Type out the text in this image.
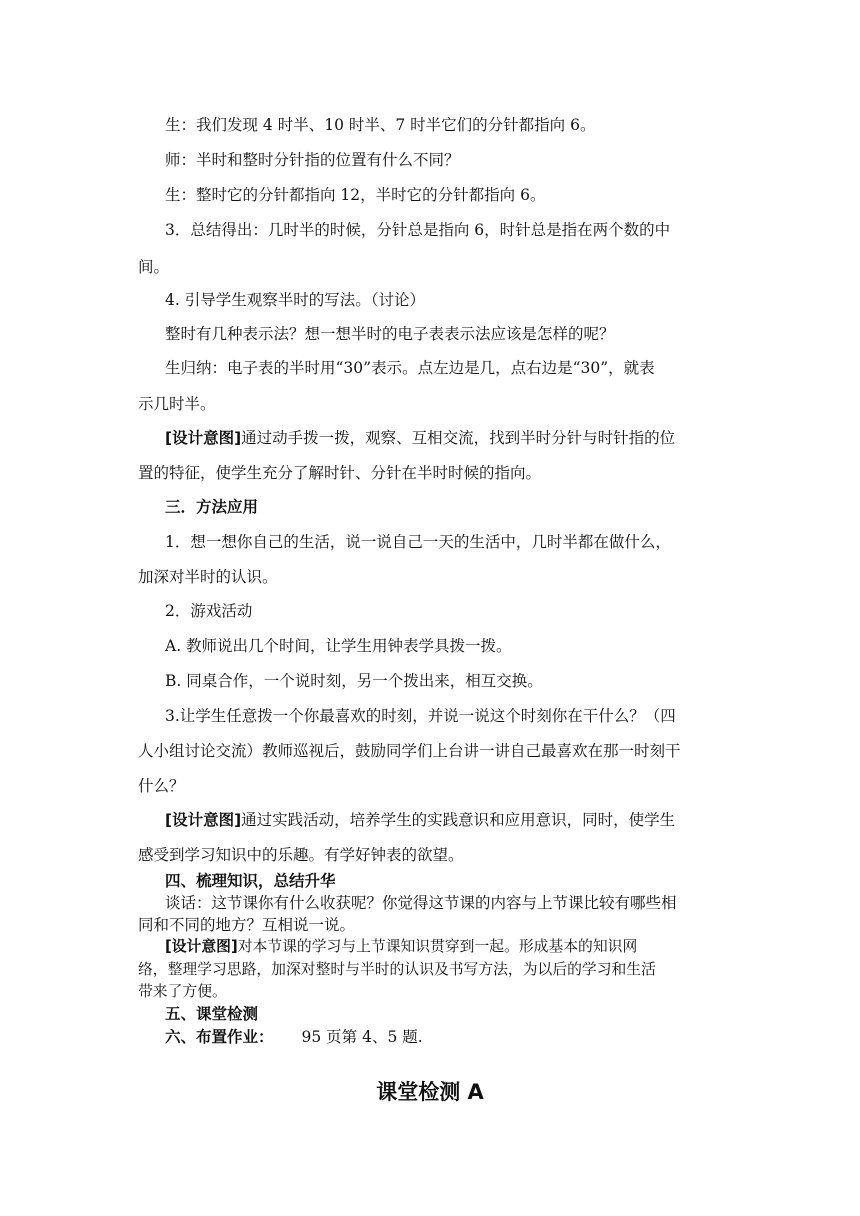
生：我们发现 4 时半、10 时半、7 时半它们的分针都指向 6。
师：半时和整时分针指的位置有什么不同？
生：整时它的分针都指向 12，半时它的分针都指向 6。
3．总结得出：几时半的时候，分针总是指向 6，时针总是指在两个数的中
间。
4. 引导学生观察半时的写法。（讨论）
整时有几种表示法？想一想半时的电子表表示法应该是怎样的呢？
生归纳：电子表的半时用“30”表示。点左边是几，点右边是“30”，就表
示几时半。
[设计意图]通过动手拨一拨，观察、互相交流，找到半时分针与时针指的位
置的特征，使学生充分了解时针、分针在半时时候的指向。
三．方法应用
1．想一想你自己的生活，说一说自己一天的生活中，几时半都在做什么，
加深对半时的认识。
2．游戏活动
A. 教师说出几个时间，让学生用钟表学具拨一拨。
B. 同桌合作，一个说时刻，另一个拨出来，相互交换。
3.让学生任意拨一个你最喜欢的时刻，并说一说这个时刻你在干什么？（四
人小组讨论交流）教师巡视后，鼓励同学们上台讲一讲自己最喜欢在那一时刻干
什么？
[设计意图]通过实践活动，培养学生的实践意识和应用意识，同时，使学生
感受到学习知识中的乐趣。有学好钟表的欲望。
四、梳理知识，总结升华
谈话：这节课你有什么收获呢？你觉得这节课的内容与上节课比较有哪些相
同和不同的地方？互相说一说。
[设计意图]对本节课的学习与上节课知识贯穿到一起。形成基本的知识网
络，整理学习思路，加深对整时与半时的认识及书写方法，为以后的学习和生活
带来了方便。
五、课堂检测
六、布置作业： 95 页第 4、5 题.
课堂检测 A
